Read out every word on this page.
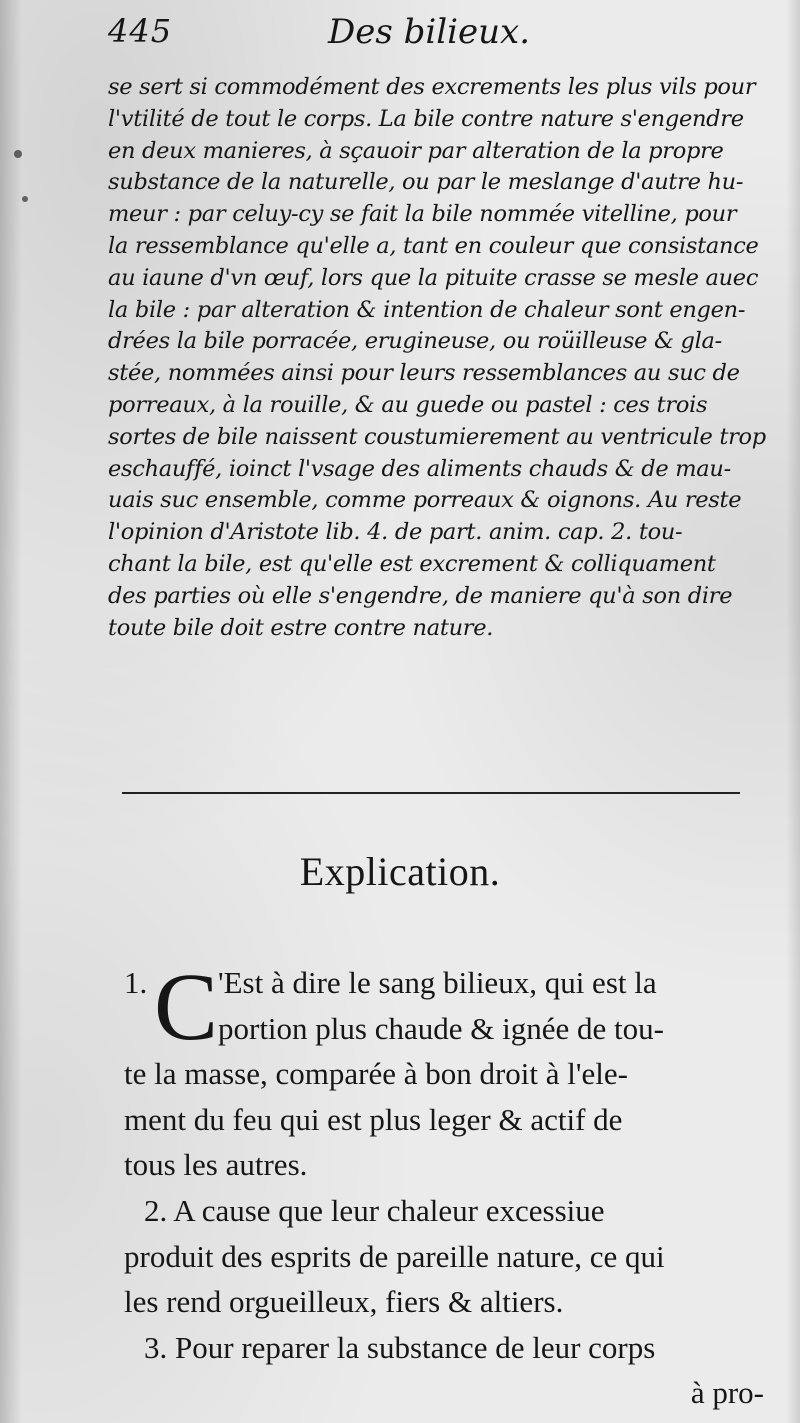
445	Des bilieux.
se sert si commodément des excrements les plus vils pour
l'vtilité de tout le corps. La bile contre nature s'engendre
en deux manieres, à sçauoir par alteration de la propre
substance de la naturelle, ou par le meslange d'autre hu-
meur : par celuy-cy se fait la bile nommée vitelline, pour
la ressemblance qu'elle a, tant en couleur que consistance
au iaune d'vn œuf, lors que la pituite crasse se mesle auec
la bile : par alteration & intention de chaleur sont engen-
drées la bile porracée, erugineuse, ou roüilleuse & gla-
stée, nommées ainsi pour leurs ressemblances au suc de
porreaux, à la rouille, & au guede ou pastel : ces trois
sortes de bile naissent coustumierement au ventricule trop
eschauffé, ioinct l'vsage des aliments chauds & de mau-
uais suc ensemble, comme porreaux & oignons. Au reste
l'opinion d'Aristote lib. 4. de part. anim. cap. 2. tou-
chant la bile, est qu'elle est excrement & colliquament
des parties où elle s'engendre, de maniere qu'à son dire
toute bile doit estre contre nature.
Explication.
C
1. 'Est à dire le sang bilieux, qui est la
portion plus chaude & ignée de tou-
te la masse, comparée à bon droit à l'ele-
ment du feu qui est plus leger & actif de
tous les autres.
2. A cause que leur chaleur excessiue
produit des esprits de pareille nature, ce qui
les rend orgueilleux, fiers & altiers.
3. Pour reparer la substance de leur corps
à pro-
